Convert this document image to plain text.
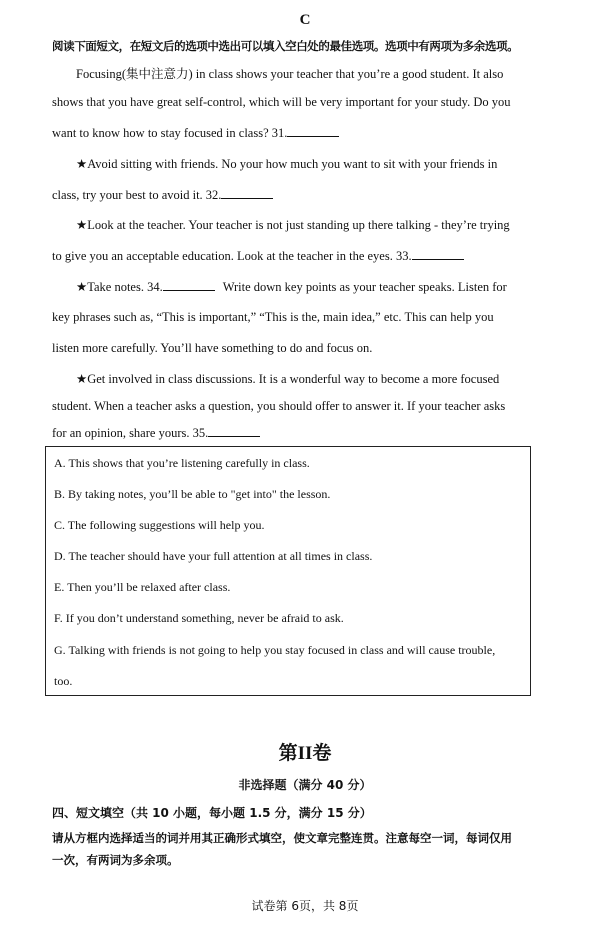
C
阅读下面短文，在短文后的选项中选出可以填入空白处的最佳选项。选项中有两项为多余选项。
Focusing(集中注意力) in class shows your teacher that you’re a good student. It also
shows that you have great self-control, which will be very important for your study. Do you
want to know how to stay focused in class? 31.
★Avoid sitting with friends. No your how much you want to sit with your friends in
class, try your best to avoid it. 32.
★Look at the teacher. Your teacher is not just standing up there talking - they’re trying
to give you an acceptable education. Look at the teacher in the eyes. 33.
★Take notes. 34.	Write down key points as your teacher speaks. Listen for
key phrases such as, “This is important,” “This is the, main idea,” etc. This can help you
listen more carefully. You’ll have something to do and focus on.
★Get involved in class discussions. It is a wonderful way to become a more focused
student. When a teacher asks a question, you should offer to answer it. If your teacher asks
for an opinion, share yours. 35.
A. This shows that you’re listening carefully in class.
B. By taking notes, you’ll be able to "get into" the lesson.
C. The following suggestions will help you.
D. The teacher should have your full attention at all times in class.
E. Then you’ll be relaxed after class.
F. If you don’t understand something, never be afraid to ask.
G. Talking with friends is not going to help you stay focused in class and will cause trouble,
too.
第II卷
非选择题（满分 40 分）
四、短文填空（共 10 小题，每小题 1.5 分，满分 15 分）
请从方框内选择适当的词并用其正确形式填空，使文章完整连贯。注意每空一词，每词仅用一次，有两词为多余项。
试卷第 6页，共 8页
